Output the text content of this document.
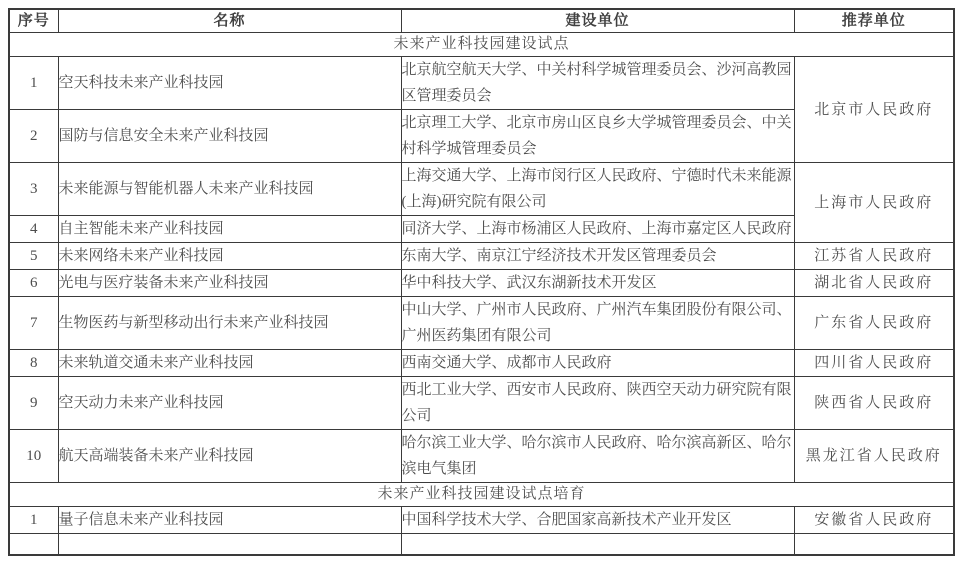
序号	名称	建设单位	推荐单位
未来产业科技园建设试点			
1	空天科技未来产业科技园	北京航空航天大学、中关村科学城管理委员会、沙河高教园区管理委员会	北京市人民政府
2	国防与信息安全未来产业科技园	北京理工大学、北京市房山区良乡大学城管理委员会、中关村科学城管理委员会	
3	未来能源与智能机器人未来产业科技园	上海交通大学、上海市闵行区人民政府、宁德时代未来能源(上海)研究院有限公司	上海市人民政府
4	自主智能未来产业科技园	同济大学、上海市杨浦区人民政府、上海市嘉定区人民政府	
5	未来网络未来产业科技园	东南大学、南京江宁经济技术开发区管理委员会	江苏省人民政府
6	光电与医疗装备未来产业科技园	华中科技大学、武汉东湖新技术开发区	湖北省人民政府
7	生物医药与新型移动出行未来产业科技园	中山大学、广州市人民政府、广州汽车集团股份有限公司、广州医药集团有限公司	广东省人民政府
8	未来轨道交通未来产业科技园	西南交通大学、成都市人民政府	四川省人民政府
9	空天动力未来产业科技园	西北工业大学、西安市人民政府、陕西空天动力研究院有限公司	陕西省人民政府
10	航天高端装备未来产业科技园	哈尔滨工业大学、哈尔滨市人民政府、哈尔滨高新区、哈尔滨电气集团	黑龙江省人民政府
未来产业科技园建设试点培育			
1	量子信息未来产业科技园	中国科学技术大学、合肥国家高新技术产业开发区	安徽省人民政府
